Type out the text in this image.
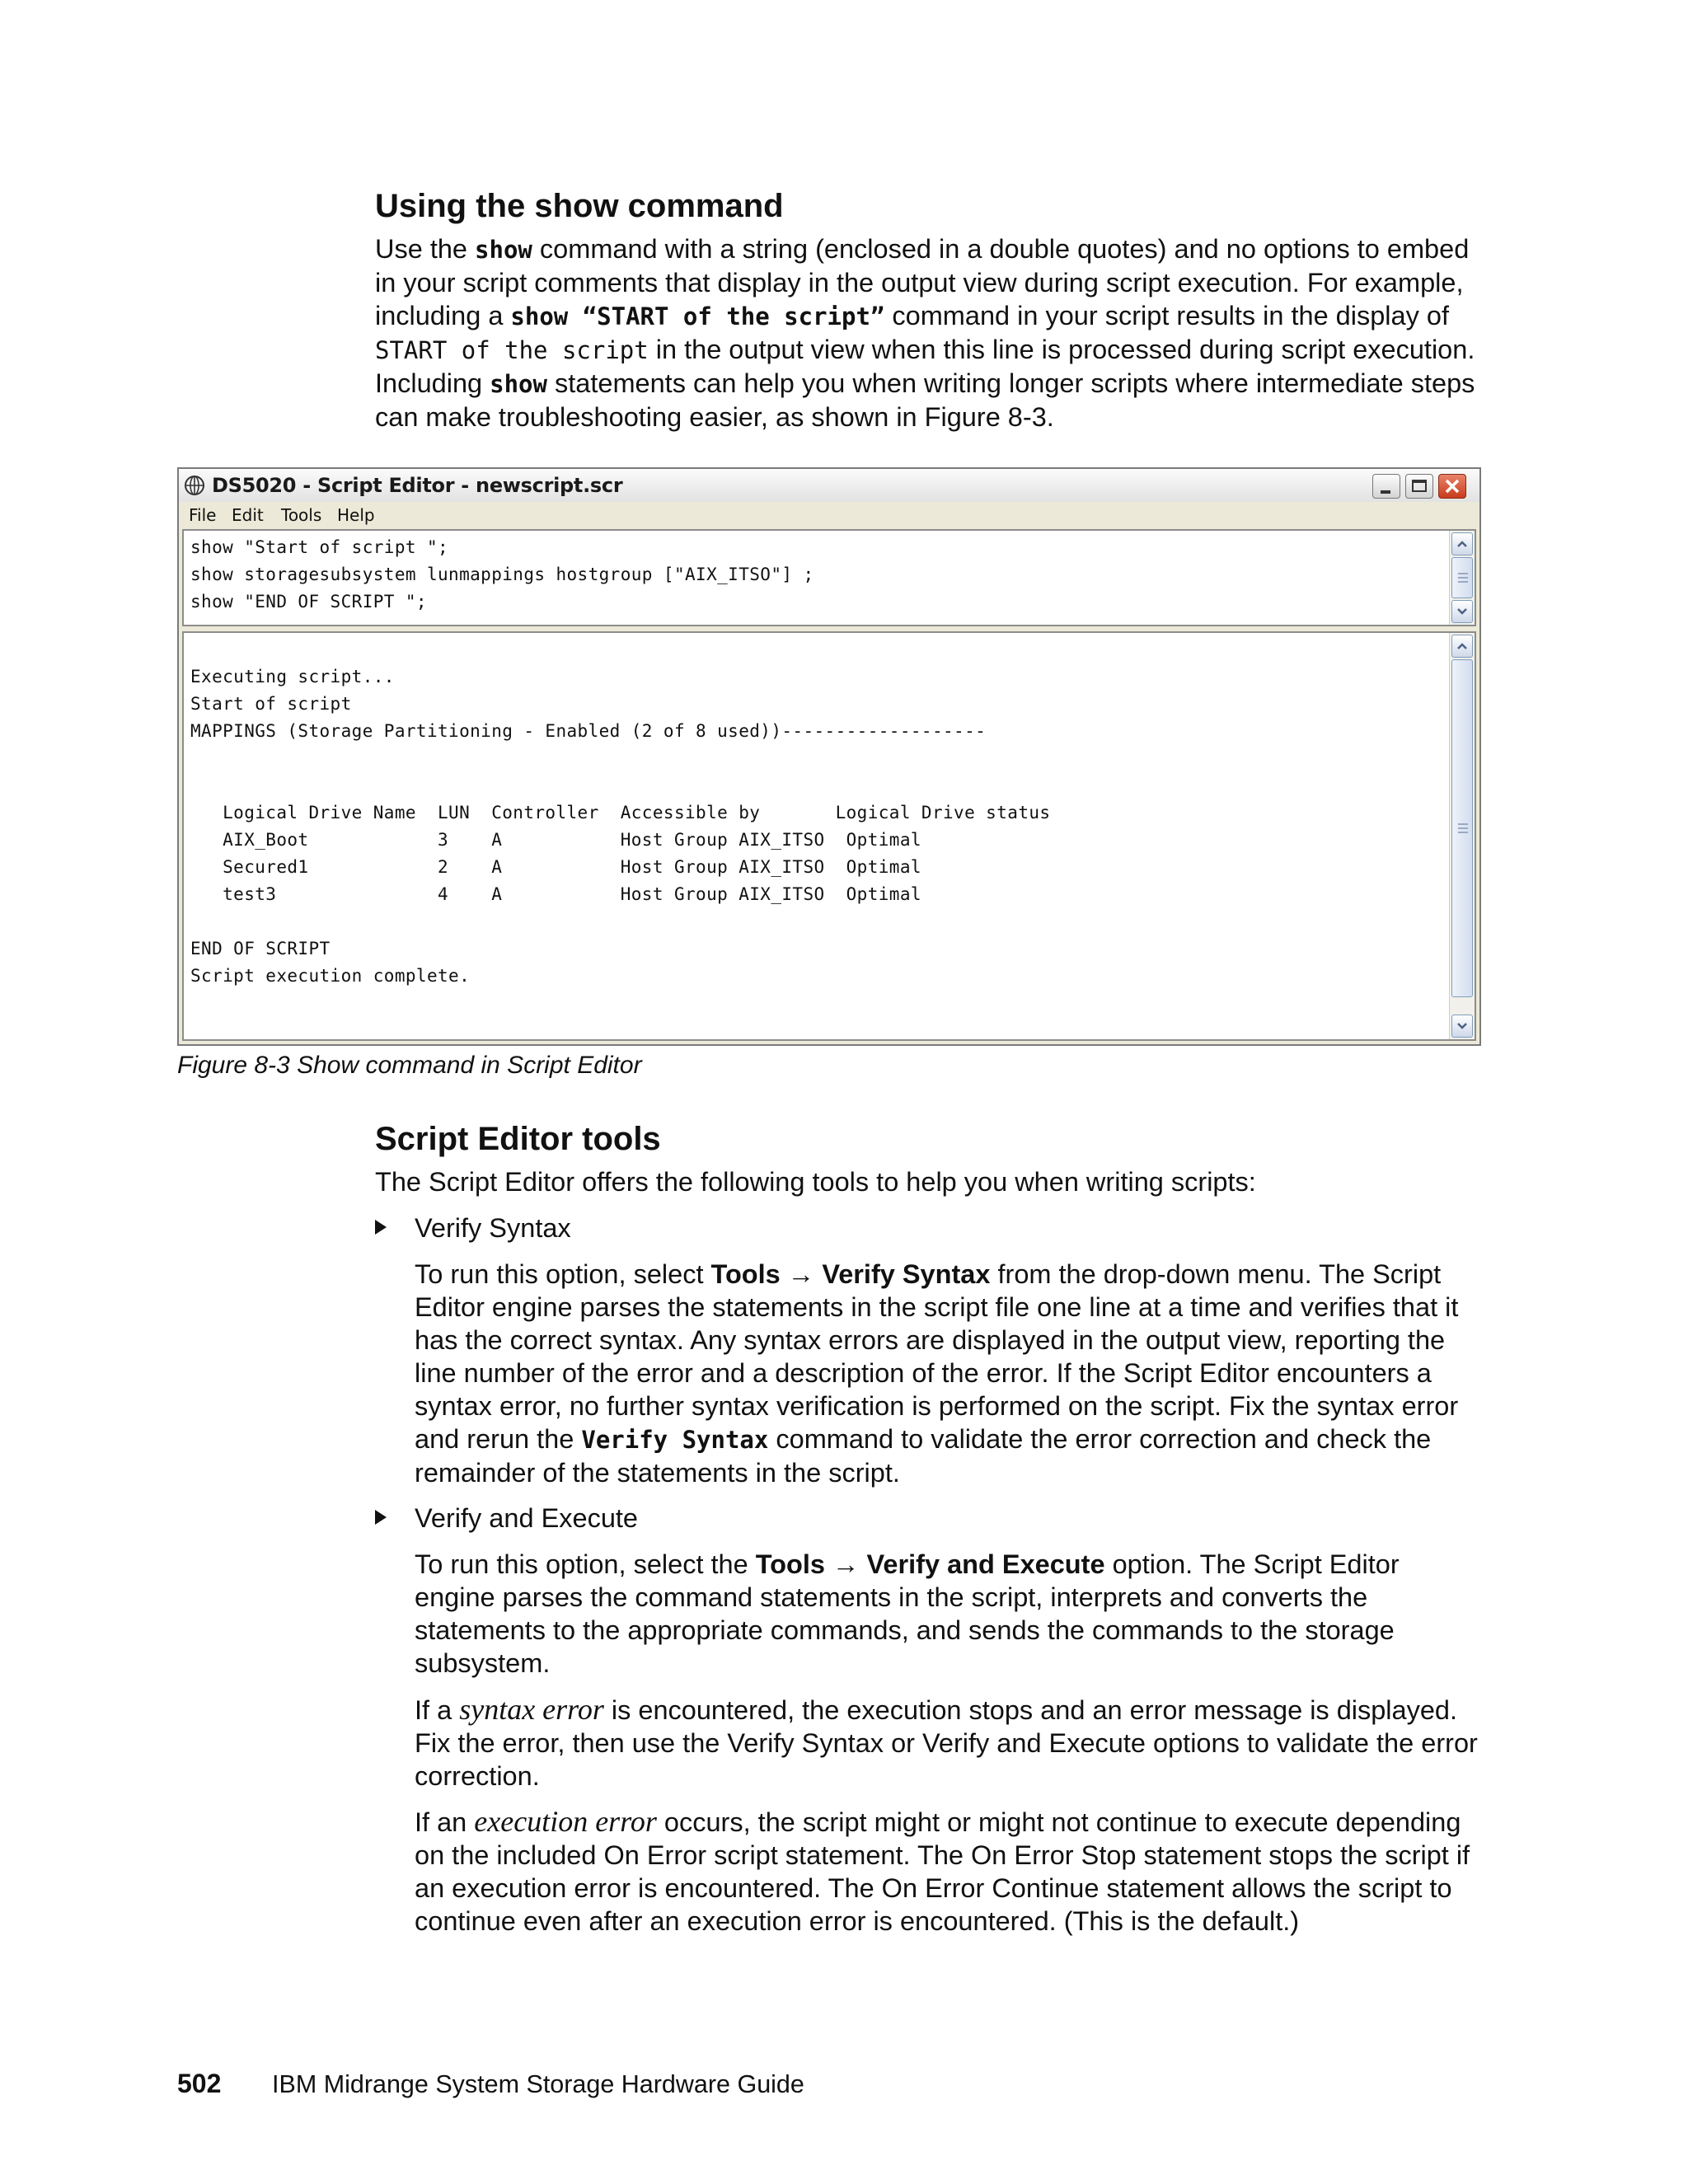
Using the show command

Use the show command with a string (enclosed in a double quotes) and no options to embed

in your script comments that display in the output view during script execution. For example,

including a show “START of the script” command in your script results in the display of

START of the script in the output view when this line is processed during script execution.

Including show statements can help you when writing longer scripts where intermediate steps

can make troubleshooting easier, as shown in Figure 8-3.

DS5020 - Script Editor - newscript.scr
File Edit Tools Help
show "Start of script ";
show storagesubsystem lunmappings hostgroup ["AIX_ITSO"] ;
show "END OF SCRIPT ";

Executing script...
Start of script
MAPPINGS (Storage Partitioning - Enabled (2 of 8 used))-------------------

Logical Drive Name  LUN  Controller  Accessible by       Logical Drive status
AIX_Boot            3    A           Host Group AIX_ITSO  Optimal
Secured1            2    A           Host Group AIX_ITSO  Optimal
test3               4    A           Host Group AIX_ITSO  Optimal

END OF SCRIPT
Script execution complete.
Figure 8-3 Show command in Script Editor
Script Editor tools

The Script Editor offers the following tools to help you when writing scripts:

Verify Syntax

To run this option, select Tools → Verify Syntax from the drop-down menu. The Script

Editor engine parses the statements in the script file one line at a time and verifies that it

has the correct syntax. Any syntax errors are displayed in the output view, reporting the

line number of the error and a description of the error. If the Script Editor encounters a

syntax error, no further syntax verification is performed on the script. Fix the syntax error

and rerun the Verify Syntax command to validate the error correction and check the

remainder of the statements in the script.

Verify and Execute

To run this option, select the Tools → Verify and Execute option. The Script Editor

engine parses the command statements in the script, interprets and converts the

statements to the appropriate commands, and sends the commands to the storage

subsystem.

If a syntax error is encountered, the execution stops and an error message is displayed.

Fix the error, then use the Verify Syntax or Verify and Execute options to validate the error

correction.

If an execution error occurs, the script might or might not continue to execute depending

on the included On Error script statement. The On Error Stop statement stops the script if

an execution error is encountered. The On Error Continue statement allows the script to

continue even after an execution error is encountered. (This is the default.)

502 IBM Midrange System Storage Hardware Guide
